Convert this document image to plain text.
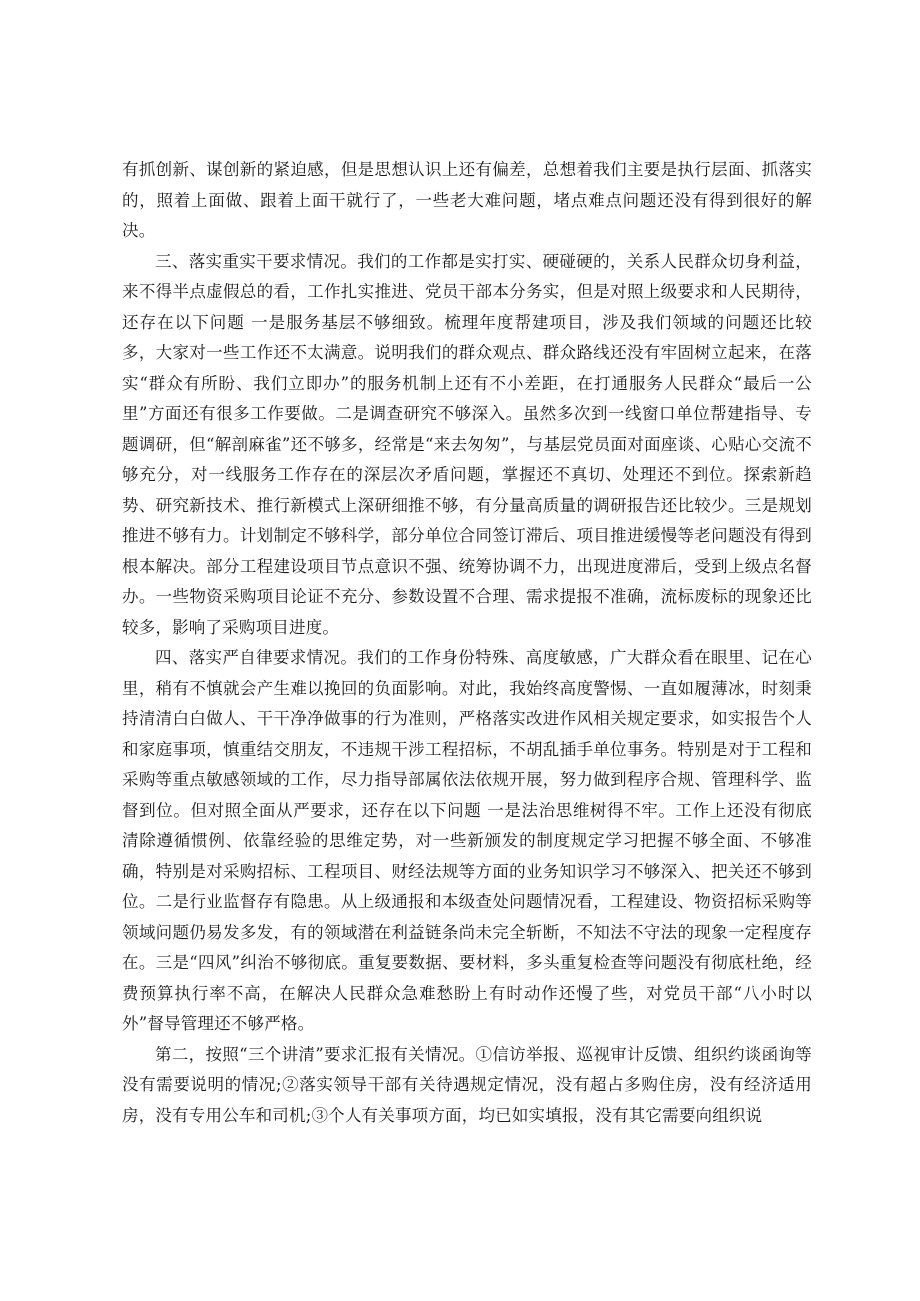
有抓创新、谋创新的紧迫感，但是思想认识上还有偏差，总想着我们主要是执行层面、抓落实的，照着上面做、跟着上面干就行了，一些老大难问题，堵点难点问题还没有得到很好的解决。

三、落实重实干要求情况。我们的工作都是实打实、硬碰硬的，关系人民群众切身利益，来不得半点虚假总的看，工作扎实推进、党员干部本分务实，但是对照上级要求和人民期待，还存在以下问题 一是服务基层不够细致。梳理年度帮建项目，涉及我们领域的问题还比较多，大家对一些工作还不太满意。说明我们的群众观点、群众路线还没有牢固树立起来，在落实“群众有所盼、我们立即办”的服务机制上还有不小差距，在打通服务人民群众“最后一公里”方面还有很多工作要做。二是调查研究不够深入。虽然多次到一线窗口单位帮建指导、专题调研，但“解剖麻雀”还不够多，经常是“来去匆匆”，与基层党员面对面座谈、心贴心交流不够充分，对一线服务工作存在的深层次矛盾问题，掌握还不真切、处理还不到位。探索新趋势、研究新技术、推行新模式上深研细推不够，有分量高质量的调研报告还比较少。三是规划推进不够有力。计划制定不够科学，部分单位合同签订滞后、项目推进缓慢等老问题没有得到根本解决。部分工程建设项目节点意识不强、统筹协调不力，出现进度滞后，受到上级点名督办。一些物资采购项目论证不充分、参数设置不合理、需求提报不准确，流标废标的现象还比较多，影响了采购项目进度。

四、落实严自律要求情况。我们的工作身份特殊、高度敏感，广大群众看在眼里、记在心里，稍有不慎就会产生难以挽回的负面影响。对此，我始终高度警惕、一直如履薄冰，时刻秉持清清白白做人、干干净净做事的行为准则，严格落实改进作风相关规定要求，如实报告个人和家庭事项，慎重结交朋友，不违规干涉工程招标，不胡乱插手单位事务。特别是对于工程和采购等重点敏感领域的工作，尽力指导部属依法依规开展，努力做到程序合规、管理科学、监督到位。但对照全面从严要求，还存在以下问题 一是法治思维树得不牢。工作上还没有彻底清除遵循惯例、依靠经验的思维定势，对一些新颁发的制度规定学习把握不够全面、不够准确，特别是对采购招标、工程项目、财经法规等方面的业务知识学习不够深入、把关还不够到位。二是行业监督存有隐患。从上级通报和本级查处问题情况看，工程建设、物资招标采购等领域问题仍易发多发，有的领域潜在利益链条尚未完全斩断，不知法不守法的现象一定程度存在。三是“四风”纠治不够彻底。重复要数据、要材料，多头重复检查等问题没有彻底杜绝，经费预算执行率不高，在解决人民群众急难愁盼上有时动作还慢了些，对党员干部“八小时以外”督导管理还不够严格。

第二，按照“三个讲清”要求汇报有关情况。①信访举报、巡视审计反馈、组织约谈函询等没有需要说明的情况;②落实领导干部有关待遇规定情况，没有超占多购住房，没有经济适用房，没有专用公车和司机;③个人有关事项方面，均已如实填报，没有其它需要向组织说
